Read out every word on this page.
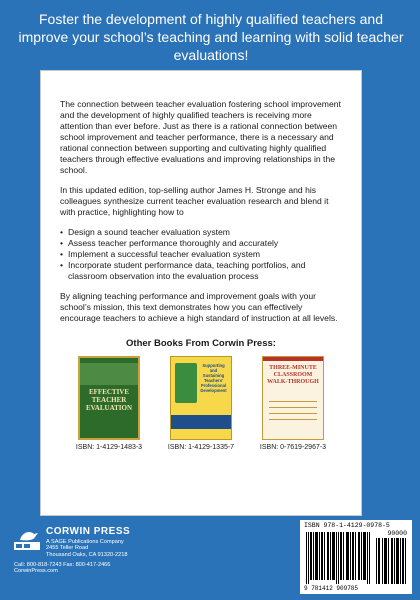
Foster the development of highly qualified teachers and improve your school’s teaching and learning with solid teacher evaluations!

The connection between teacher evaluation fostering school improvement and the development of highly qualified teachers is receiving more attention than ever before. Just as there is a rational connection between school improvement and teacher performance, there is a necessary and rational connection between supporting and cultivating highly qualified teachers through effective evaluations and improving relationships in the school.

In this updated edition, top-selling author James H. Stronge and his colleagues synthesize current teacher evaluation research and blend it with practice, highlighting how to

• Design a sound teacher evaluation system
• Assess teacher performance thoroughly and accurately
• Implement a successful teacher evaluation system
• Incorporate student performance data, teaching portfolios, and classroom observation into the evaluation process

By aligning teaching performance and improvement goals with your school’s mission, this text demonstrates how you can effectively encourage teachers to achieve a high standard of instruction at all levels.

Other Books From Corwin Press:
EFFECTIVE TEACHER EVALUATION
ISBN: 1-4129-1483-3
Supporting and Sustaining Teachers' Professional Development
ISBN: 1-4129-1335-7
THREE-MINUTE CLASSROOM WALK-THROUGH
ISBN: 0-7619-2967-3
CORWIN PRESS
A SAGE Publications Company
2455 Teller Road
Thousand Oaks, CA 91320-2218
Call: 800-818-7243 Fax: 800-417-2466
CorwinPress.com
ISBN 978-1-4129-0978-5
90000
9 781412 909785
